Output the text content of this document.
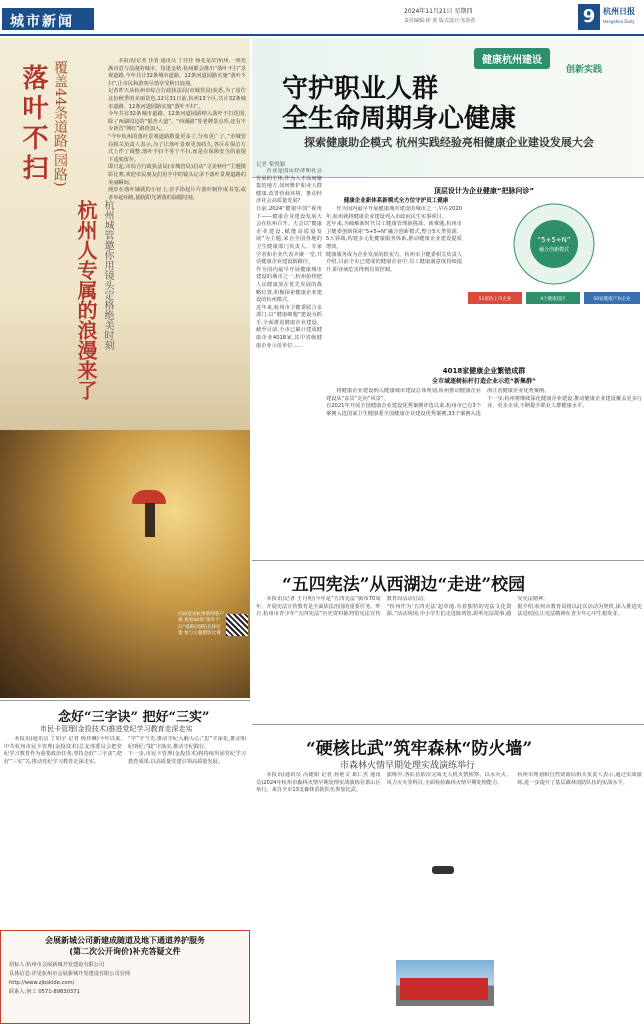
城市新闻
2024年11月21日 星期四
责任编辑:徐 蓝 版式设计:朱莎莎	9 杭州日报
Hangzhou Daily
落叶不扫 覆盖44条道路(园路)
杭州人专属的浪漫来了 杭州城管邀你用镜头定格绝美时刻
本报讯(记者 佳者 通讯员 丁佳佳 杨兆龙苗)杭州,一座充满诗意与浪漫的城市。每逢金秋,杭州都会推出“落叶不扫”景观道路,今年共计32条城市道路、12条河道园路实施“落叶不扫”,让市民和游客尽情享受秋日浪漫。
记者昨天从杭州市综合行政执法局(市城管局)获悉,为了留住这份秋季的美丽景色,12月31日前,杭州13个区,共计32条城市道路、12条河道园路实施“落叶不扫”。
今年共有32条城市道路、12条河道园路纳入落叶不扫范围,除了西湖周边的“银杏大道”、“西溪路”等老牌景点外,还有不少新晋“网红”路段加入。
“今年杭州的落叶景观道路数量更多了,分布更广了。”市城管局相关负责人表示,为了让落叶景观更加持久,各区在保洁方式上作了调整,落叶不扫不等于不扫,而是在保障安全的前提下适度留存。
即日起,市综合行政执法局(市城管局)启动“寻美秋叶”主题摄影比赛,欢迎市民朋友们用手中的镜头记录下落叶景观道路的美丽瞬间。
漫步在落叶铺就的小径上,亲手拾起片片落叶制作成书签,或者举起相机,捕捉阳光洒落的温暖时刻。
扫码登录杭州新闻客户端 查看44条“落叶不扫”道路(园路)具体位置 参与主题摄影比赛
健康杭州建设
创新实践
守护职业人群
全生命周期身心健康
探索健康助企模式 杭州实践经验亮相健康企业建设发展大会
记者 柴悦颖
企业是国民经济和社会发展的主体,作为人才高度聚集的地方,如何维护职业人群健康,改善营商环境、推动经济社会高质量发展?
日前,2024“健康中国”视角下——健康企业建设发展大会在杭州召开。大会以“健康企业建设,赋能高质量发展”为主题,来自全国各地的卫生健康部门负责人、专家学者和企业代表齐聚一堂,共话健康企业建设新路径。
作为国内最早开展健康城市建设的城市之一,杭州始终把人民健康放在优先发展的战略位置,积极探索健康企业建设的杭州模式。
近年来,杭州市卫健委联合多部门,以“健康细胞”建设为抓手,全面推进健康企业建设。截至目前,全市已累计建成健康企业4018家,其中省级健康企业示范单位……
顶层设计为企业健康“把脉问诊”
健康企业新体系新模式全方位守护员工健康
作为国内最早开展健康城市建设的城市之一,早在2020年,杭州就将健康企业建设列入市政府民生实事项目。
近年来,为破解新时代员工健康管理新挑战、新难题,杭州市卫健委创新探索“5+5+N”融合创新模式,整合5大类资源、5大领域,构建多元化健康服务体系,推动健康企业建设提质增效。
健康服务成为企业发展的软实力。杭州市卫健委相关负责人介绍,目前全市已建成的健康企业中,员工健康满意度持续提升,职业病危害得到有效控制。
“5+5+N”
融合创新模式
51家杭上市企业	4个健康园区	50家健康产业企业
4018家健康企业繁错成群
全市域逐树标杆打造企业示范“新集群”
将健康企业建设纳入健康城市建设总体规划,杭州推动健康企业建设从“盆景”走向“风景”。
自2021年开展全国健康企业建设优秀案例评选以来,杭州市已有3个案例入选国家卫生健康委全国健康企业建设优秀案例,33个案例入选浙江省健康企业优秀案例。
下一步,杭州将继续深化健康企业建设,推动健康企业建设覆盖更多行业、更多企业,不断提升职业人群健康水平。
“五四宪法”从西湖边“走进”校园
本报讯(记者 王丹明)今年是“五四宪法”颁布70周年。开展宪法宣传教育是全面依法治国的重要任务。昨日,杭州市青少年“五四宪法”历史资料陈列馆宪法宣传教育周活动启动。
“杭州作为‘五四宪法’起草地,有着独特的宪法文化资源。”活动现场,中小学生们走进陈列馆,聆听宪法故事,感受宪法精神。
据介绍,杭州市教育局将以此次活动为契机,深入推进宪法进校园,让宪法精神在青少年心中生根发芽。
念好“三字诀” 把好“三实”
市民卡管理(金投技术)推进党纪学习教育走深走实
本报讯(通讯员 丁如宇 记者 杨佳琳)今年以来,中共杭州市民卡管理(金投技术)总支部委员会把党纪学习教育作为重要政治任务,坚持念好“三字诀”,把好“三实”关,推动党纪学习教育走深走实。
“学”字当先,推动学纪入脑入心;“思”字深化,推动知纪明纪;“践”字落实,推动守纪践行。
下一步,市民卡管理(金投技术)将持续巩固党纪学习教育成果,以高质量党建引领高质量发展。
“硬核比武”筑牢森林“防火墙”
市森林火情早期处理实战演练举行
本报讯(通讯员 冯婕娟 记者 孙艳文 葛仁杰 通讯员)2024年杭州市森林火情早期处理实战演练在萧山区举行。来自全市13支森林消防队伍参加比武。
演练中,各队伍依次完成无人机火情侦察、以水灭火、风力灭火等科目,全面检验森林火情早期处理能力。
杭州市规划和自然资源局相关负责人表示,通过实战演练,进一步提升了基层森林消防队伍的实战水平。
会展新城公司新建成随道及地下通道养护服务
(第二次公开询价)补充答疑文件
招标人:杭州市会展新城开发建设有限公司
具体信息:详见杭州市会展新城开发建设有限公司官网
http://www.zjbskide.com/
联系人:何工 0571-89830371
